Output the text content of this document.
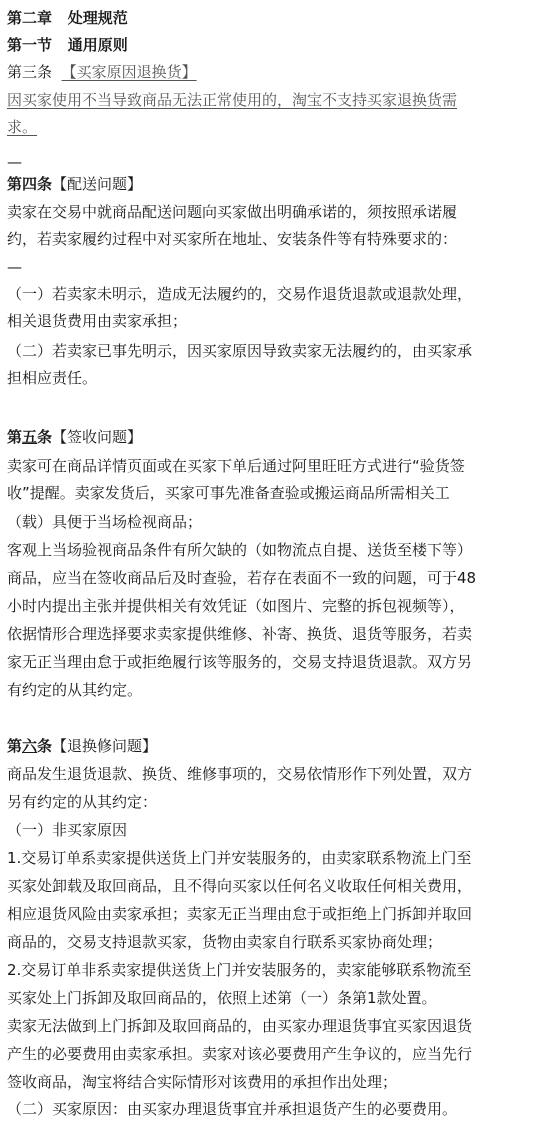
第二章 处理规范
第一节 通用原则
第三条 【买家原因退换货】
因买家使用不当导致商品无法正常使用的，淘宝不支持买家退换货需
求。
—
第四条【配送问题】
卖家在交易中就商品配送问题向买家做出明确承诺的，须按照承诺履
约，若卖家履约过程中对买家所在地址、安装条件等有特殊要求的：
—
（一）若卖家未明示，造成无法履约的，交易作退货退款或退款处理，
相关退货费用由卖家承担；
（二）若卖家已事先明示，因买家原因导致卖家无法履约的，由买家承
担相应责任。
第五条【签收问题】
卖家可在商品详情页面或在买家下单后通过阿里旺旺方式进行“验货签
收”提醒。卖家发货后，买家可事先准备查验或搬运商品所需相关工
（载）具便于当场检视商品；
客观上当场验视商品条件有所欠缺的（如物流点自提、送货至楼下等）
商品，应当在签收商品后及时查验，若存在表面不一致的问题，可于48
小时内提出主张并提供相关有效凭证（如图片、完整的拆包视频等），
依据情形合理选择要求卖家提供维修、补寄、换货、退货等服务，若卖
家无正当理由怠于或拒绝履行该等服务的，交易支持退货退款。双方另
有约定的从其约定。
第六条【退换修问题】
商品发生退货退款、换货、维修事项的，交易依情形作下列处置，双方
另有约定的从其约定：
（一）非买家原因
1.交易订单系卖家提供送货上门并安装服务的，由卖家联系物流上门至
买家处卸载及取回商品，且不得向买家以任何名义收取任何相关费用，
相应退货风险由卖家承担；卖家无正当理由怠于或拒绝上门拆卸并取回
商品的，交易支持退款买家，货物由卖家自行联系买家协商处理；
2.交易订单非系卖家提供送货上门并安装服务的，卖家能够联系物流至
买家处上门拆卸及取回商品的，依照上述第（一）条第1款处置。
卖家无法做到上门拆卸及取回商品的，由买家办理退货事宜买家因退货
产生的必要费用由卖家承担。卖家对该必要费用产生争议的，应当先行
签收商品，淘宝将结合实际情形对该费用的承担作出处理；
（二）买家原因：由买家办理退货事宜并承担退货产生的必要费用。
